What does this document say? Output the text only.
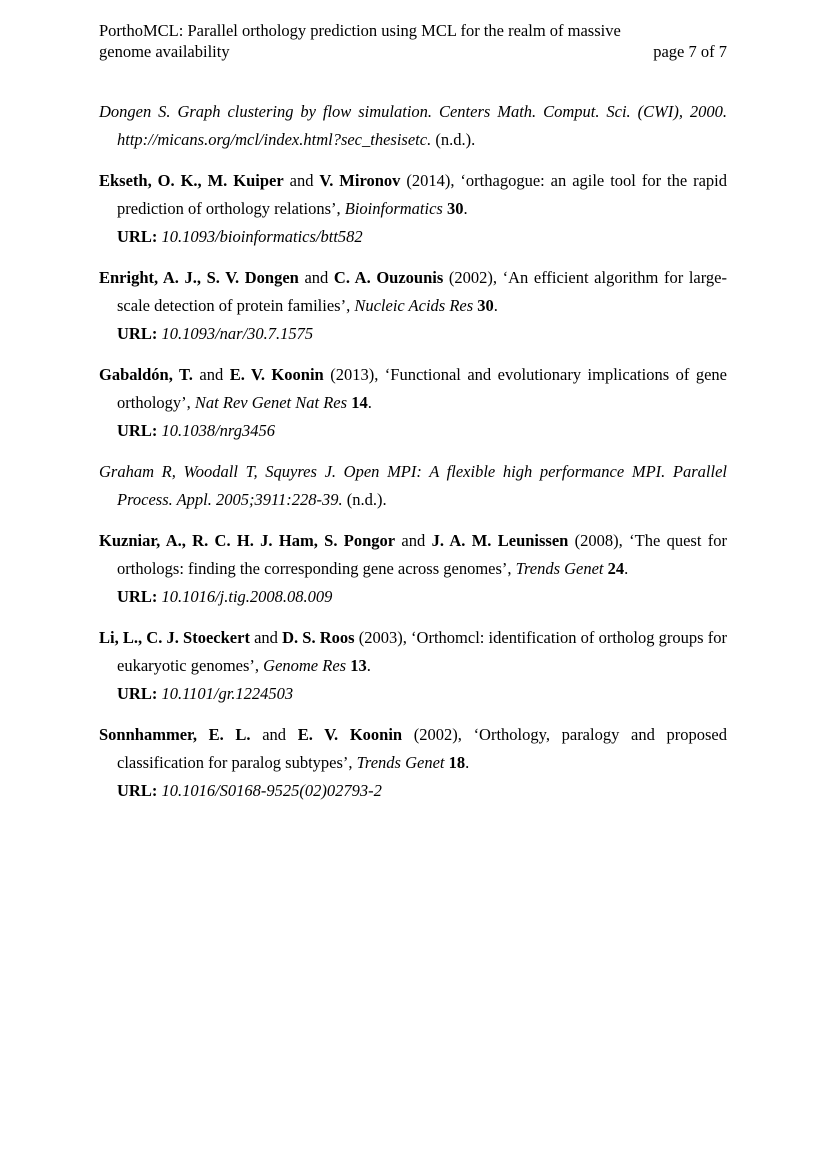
PorthoMCL: Parallel orthology prediction using MCL for the realm of massive genome availability	page 7 of 7

Dongen S. Graph clustering by flow simulation. Centers Math. Comput. Sci. (CWI), 2000. http://micans.org/mcl/index.html?sec_thesisetc. (n.d.).

Ekseth, O. K., M. Kuiper and V. Mironov (2014), ‘orthagogue: an agile tool for the rapid prediction of orthology relations’, Bioinformatics 30.

URL: 10.1093/bioinformatics/btt582

Enright, A. J., S. V. Dongen and C. A. Ouzounis (2002), ‘An efficient algorithm for large-scale detection of protein families’, Nucleic Acids Res 30.

URL: 10.1093/nar/30.7.1575

Gabaldón, T. and E. V. Koonin (2013), ‘Functional and evolutionary implications of gene orthology’, Nat Rev Genet Nat Res 14.

URL: 10.1038/nrg3456

Graham R, Woodall T, Squyres J. Open MPI: A flexible high performance MPI. Parallel Process. Appl. 2005;3911:228-39. (n.d.).

Kuzniar, A., R. C. H. J. Ham, S. Pongor and J. A. M. Leunissen (2008), ‘The quest for orthologs: finding the corresponding gene across genomes’, Trends Genet 24.

URL: 10.1016/j.tig.2008.08.009

Li, L., C. J. Stoeckert and D. S. Roos (2003), ‘Orthomcl: identification of ortholog groups for eukaryotic genomes’, Genome Res 13.

URL: 10.1101/gr.1224503

Sonnhammer, E. L. and E. V. Koonin (2002), ‘Orthology, paralogy and proposed classification for paralog subtypes’, Trends Genet 18.

URL: 10.1016/S0168-9525(02)02793-2
